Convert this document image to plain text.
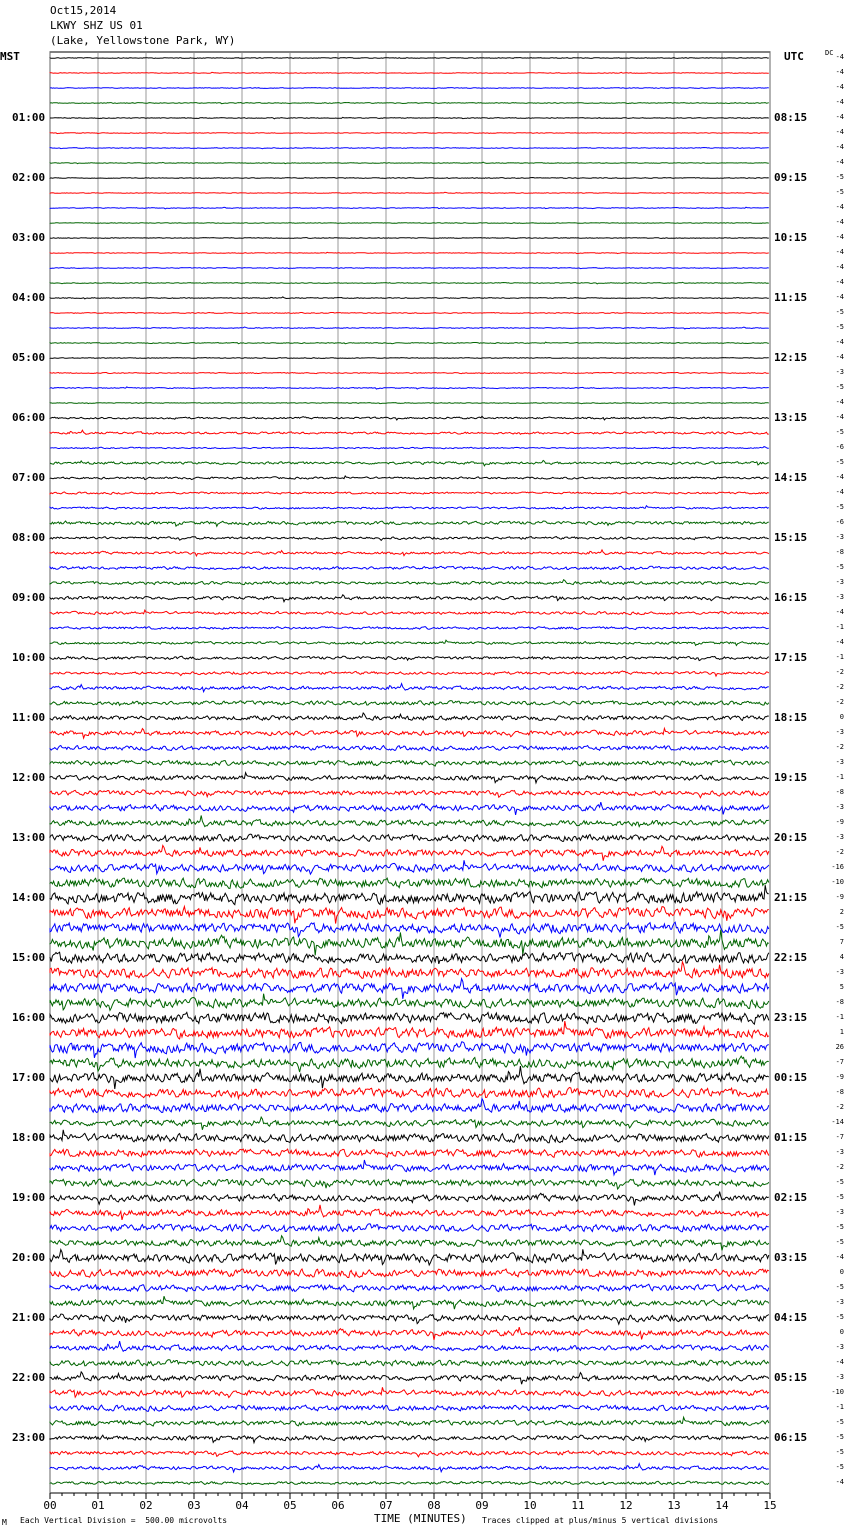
Oct15,2014
LKWY SHZ US 01
(Lake, Yellowstone Park, WY)
MST	UTC	DC
00	01	02	03	04	05	06	07	08	09	10	11	12	13	14	15
01:00
02:00
03:00
04:00
05:00
06:00
07:00
08:00
09:00
10:00
11:00
12:00
13:00
14:00
15:00
16:00
17:00
18:00
19:00
20:00
21:00
22:00
23:00
08:15
09:15
10:15
11:15
12:15
13:15
14:15
15:15
16:15
17:15
18:15
19:15
20:15
21:15
22:15
23:15
00:15
01:15
02:15
03:15
04:15
05:15
06:15
-4
-4
-4
-4
-4
-4
-4
-4
-5
-5
-4
-4
-4
-4
-4
-4
-4
-5
-5
-4
-4
-3
-5
-4
-4
-5
-6
-5
-4
-4
-5
-6
-3
-8
-5
-3
-3
-4
-1
-4
-1
-2
-2
-2
0
-3
-2
-3
-1
-8
-3
-9
-3
-2
-16
-10
-9
2
-5
7
4
-3
5
-8
-1
1
26
-7
-9
-8
-2
-14
-7
-3
-2
-5
-5
-3
-5
-5
-4
0
-5
-3
-5
0
-3
-4
-3
-10
-1
-5
-5
-5
-5
-4
M Each Vertical Division =  500.00 microvolts	TIME (MINUTES) Traces clipped at plus/minus 5 vertical divisions
